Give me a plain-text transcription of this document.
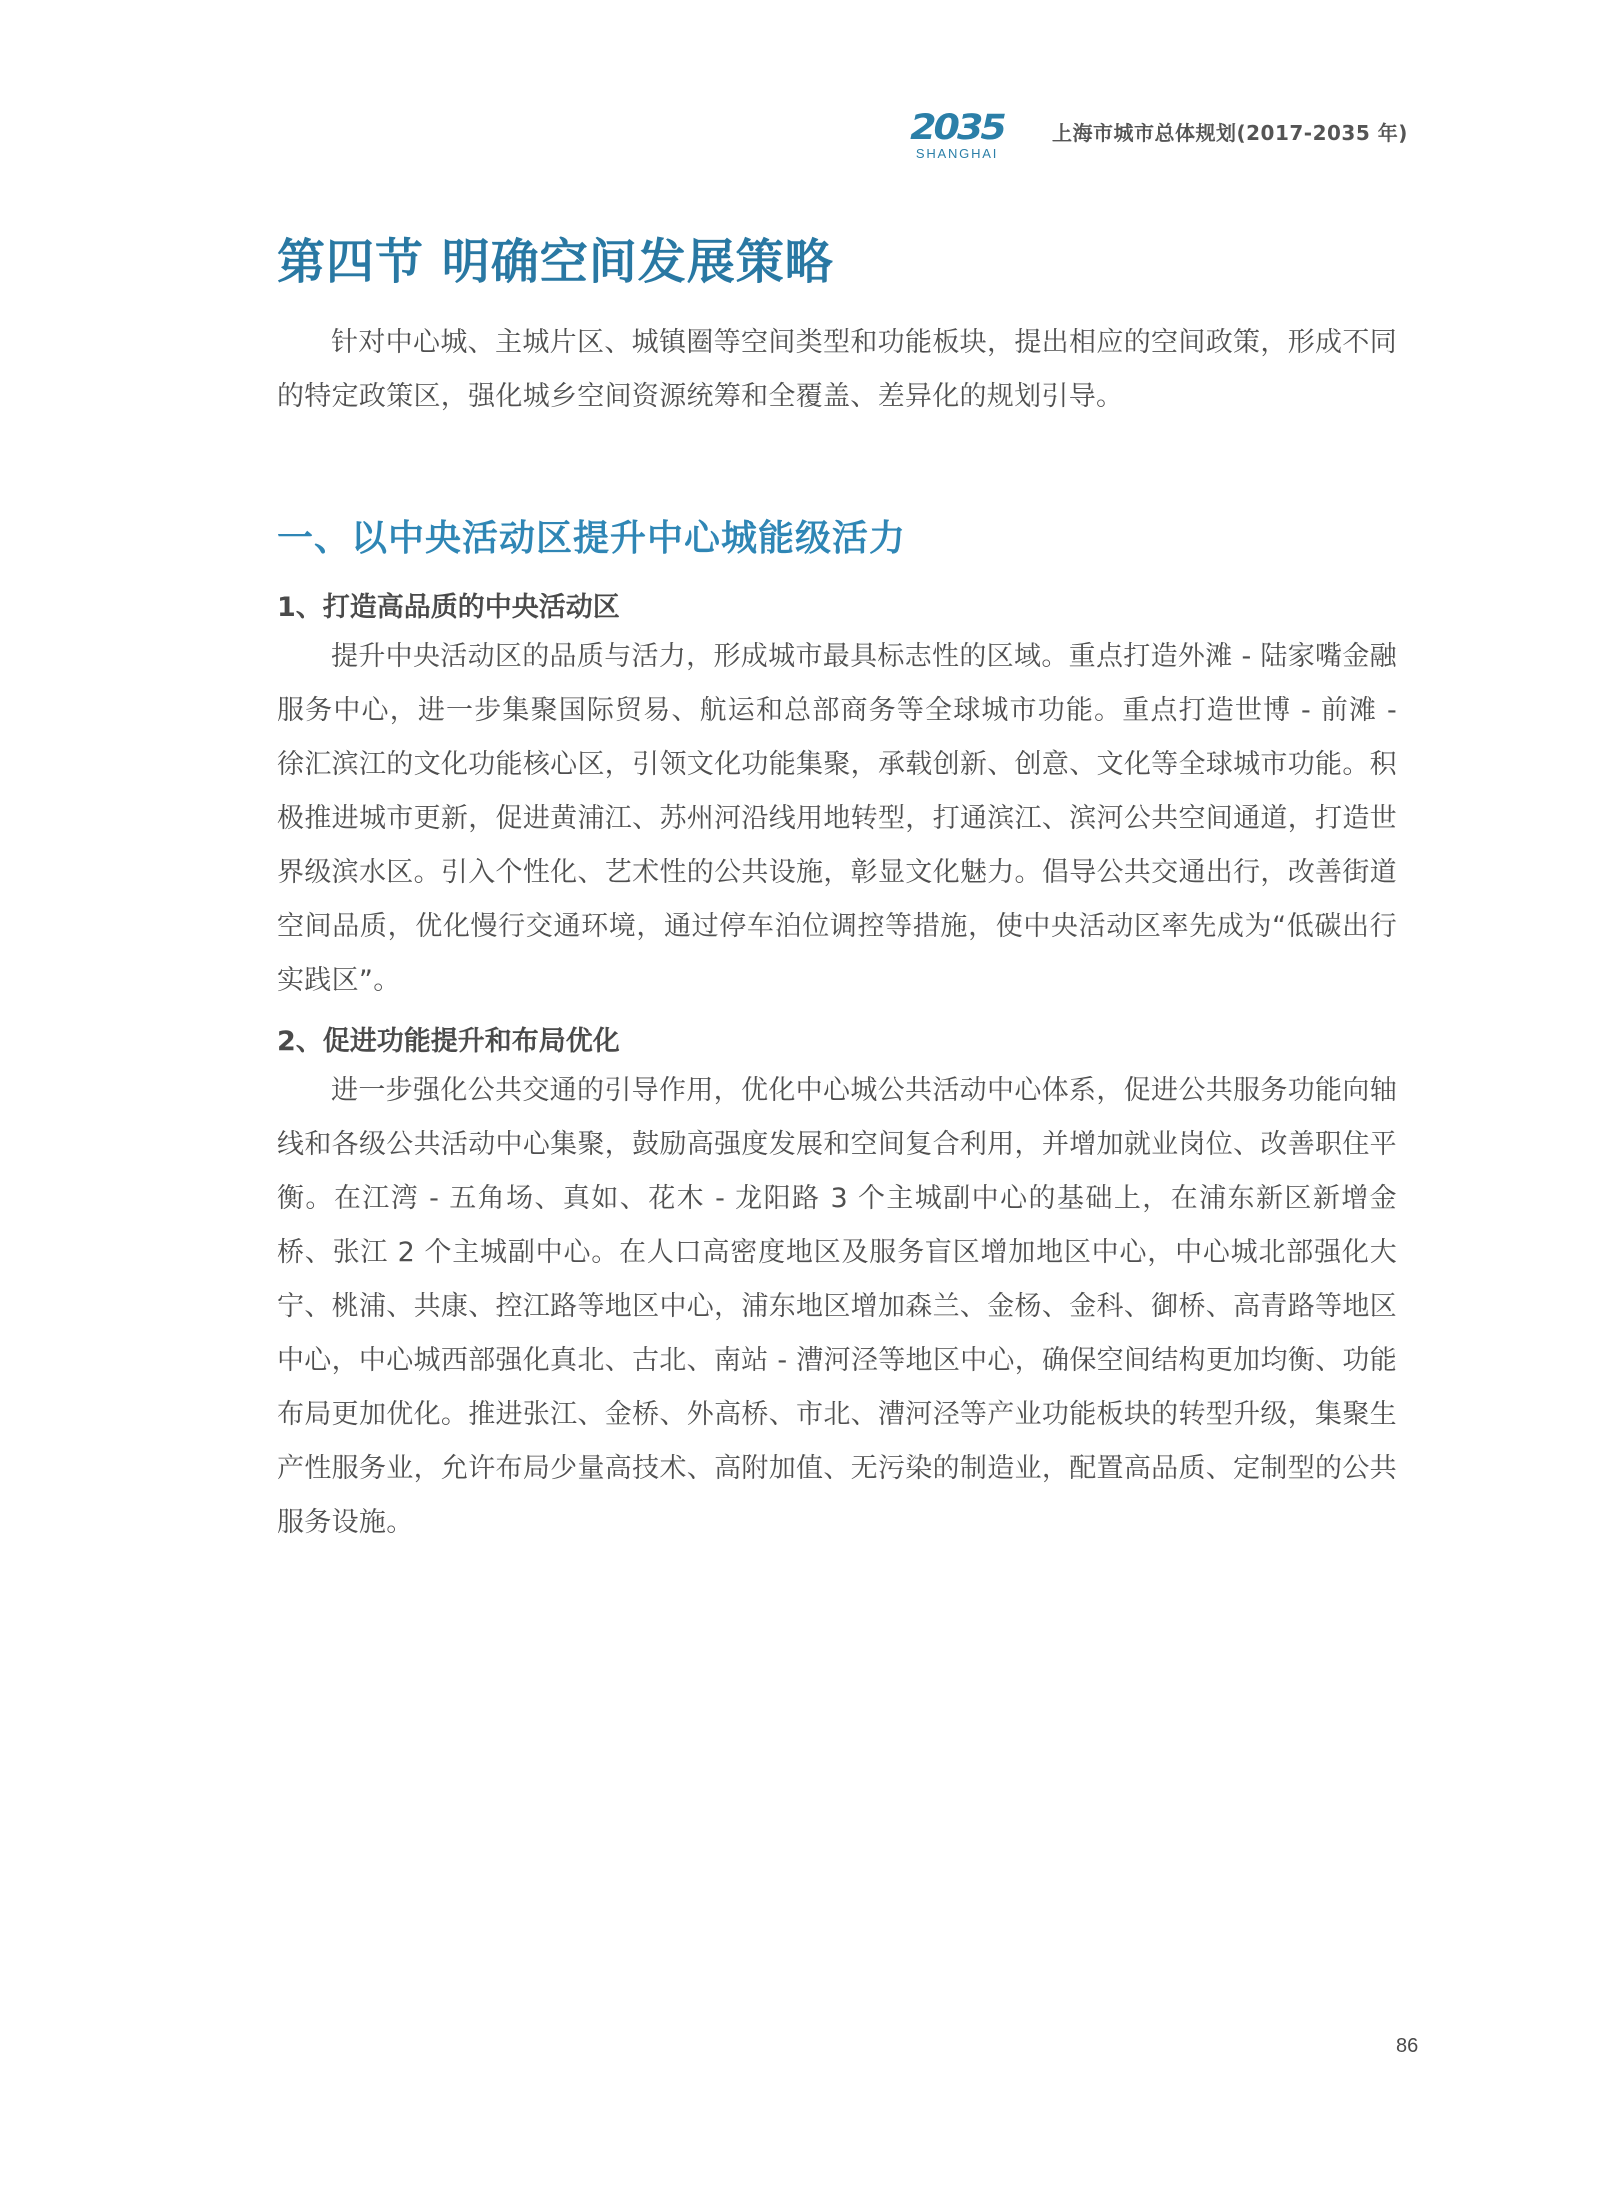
2035
SHANGHAI
上海市城市总体规划(2017-2035 年)
第四节 明确空间发展策略

针对中心城、主城片区、城镇圈等空间类型和功能板块，提出相应的空间政策，形成不同的特定政策区，强化城乡空间资源统筹和全覆盖、差异化的规划引导。

一、以中央活动区提升中心城能级活力
1、打造高品质的中央活动区

提升中央活动区的品质与活力，形成城市最具标志性的区域。重点打造外滩 - 陆家嘴金融服务中心，进一步集聚国际贸易、航运和总部商务等全球城市功能。重点打造世博 - 前滩 - 徐汇滨江的文化功能核心区，引领文化功能集聚，承载创新、创意、文化等全球城市功能。积极推进城市更新，促进黄浦江、苏州河沿线用地转型，打通滨江、滨河公共空间通道，打造世界级滨水区。引入个性化、艺术性的公共设施，彰显文化魅力。倡导公共交通出行，改善街道空间品质，优化慢行交通环境，通过停车泊位调控等措施，使中央活动区率先成为“低碳出行实践区”。

2、促进功能提升和布局优化

进一步强化公共交通的引导作用，优化中心城公共活动中心体系，促进公共服务功能向轴线和各级公共活动中心集聚，鼓励高强度发展和空间复合利用，并增加就业岗位、改善职住平衡。在江湾 - 五角场、真如、花木 - 龙阳路 3 个主城副中心的基础上，在浦东新区新增金桥、张江 2 个主城副中心。在人口高密度地区及服务盲区增加地区中心，中心城北部强化大宁、桃浦、共康、控江路等地区中心，浦东地区增加森兰、金杨、金科、御桥、高青路等地区中心，中心城西部强化真北、古北、南站 - 漕河泾等地区中心，确保空间结构更加均衡、功能布局更加优化。推进张江、金桥、外高桥、市北、漕河泾等产业功能板块的转型升级，集聚生产性服务业，允许布局少量高技术、高附加值、无污染的制造业，配置高品质、定制型的公共服务设施。

86
